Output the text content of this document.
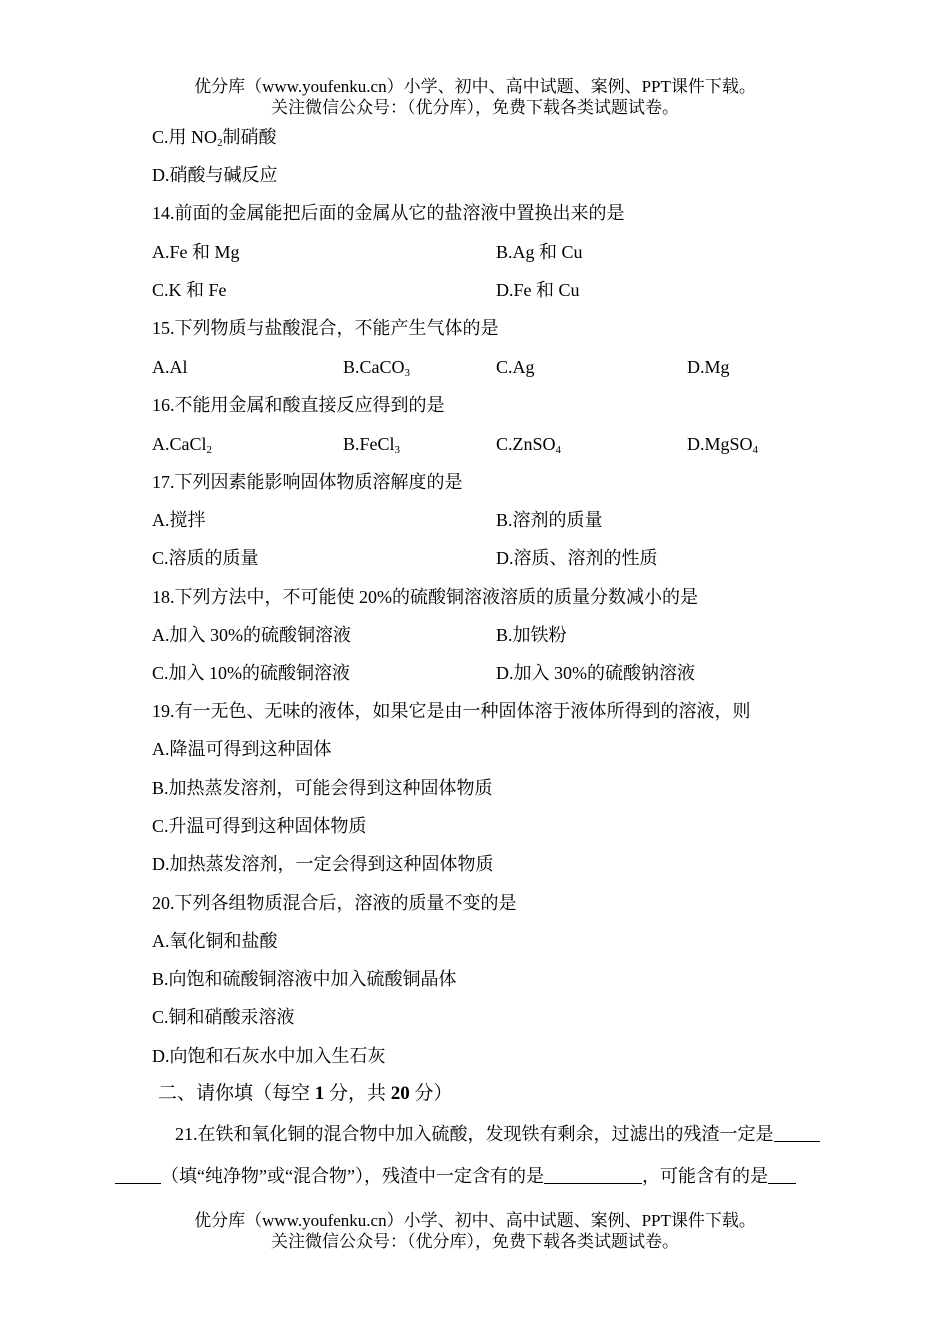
优分库（www.youfenku.cn）小学、初中、高中试题、案例、PPT课件下载。
关注微信公众号：（优分库），免费下载各类试题试卷。
C.用 $NO_2$制硝酸
D.硝酸与碱反应
14.前面的金属能把后面的金属从它的盐溶液中置换出来的是
A.Fe 和 Mg	B.Ag 和 Cu
C.K 和 Fe	D.Fe 和 Cu
15.下列物质与盐酸混合，不能产生气体的是
A.Al	B.CaCO$_3$	C.Ag	D.Mg
16.不能用金属和酸直接反应得到的是
A.CaCl$_2$	B.FeCl$_3$	C.ZnSO$_4$	D.MgSO$_4$
17.下列因素能影响固体物质溶解度的是
A.搅拌	B.溶剂的质量
C.溶质的质量	D.溶质、溶剂的性质
18.下列方法中，不可能使 20%的硫酸铜溶液溶质的质量分数减小的是
A.加入 30%的硫酸铜溶液	B.加铁粉
C.加入 10%的硫酸铜溶液	D.加入 30%的硫酸钠溶液
19.有一无色、无味的液体，如果它是由一种固体溶于液体所得到的溶液，则
A.降温可得到这种固体
B.加热蒸发溶剂，可能会得到这种固体物质
C.升温可得到这种固体物质
D.加热蒸发溶剂，一定会得到这种固体物质
20.下列各组物质混合后，溶液的质量不变的是
A.氧化铜和盐酸
B.向饱和硫酸铜溶液中加入硫酸铜晶体
C.铜和硝酸汞溶液
D.向饱和石灰水中加入生石灰
二、请你填（每空 1 分，共 20 分）
21.在铁和氧化铜的混合物中加入硫酸，发现铁有剩余，过滤出的残渣一定是
（填“纯净物”或“混合物”），残渣中一定含有的是	，可能含有的是
优分库（www.youfenku.cn）小学、初中、高中试题、案例、PPT课件下载。
关注微信公众号：（优分库），免费下载各类试题试卷。
